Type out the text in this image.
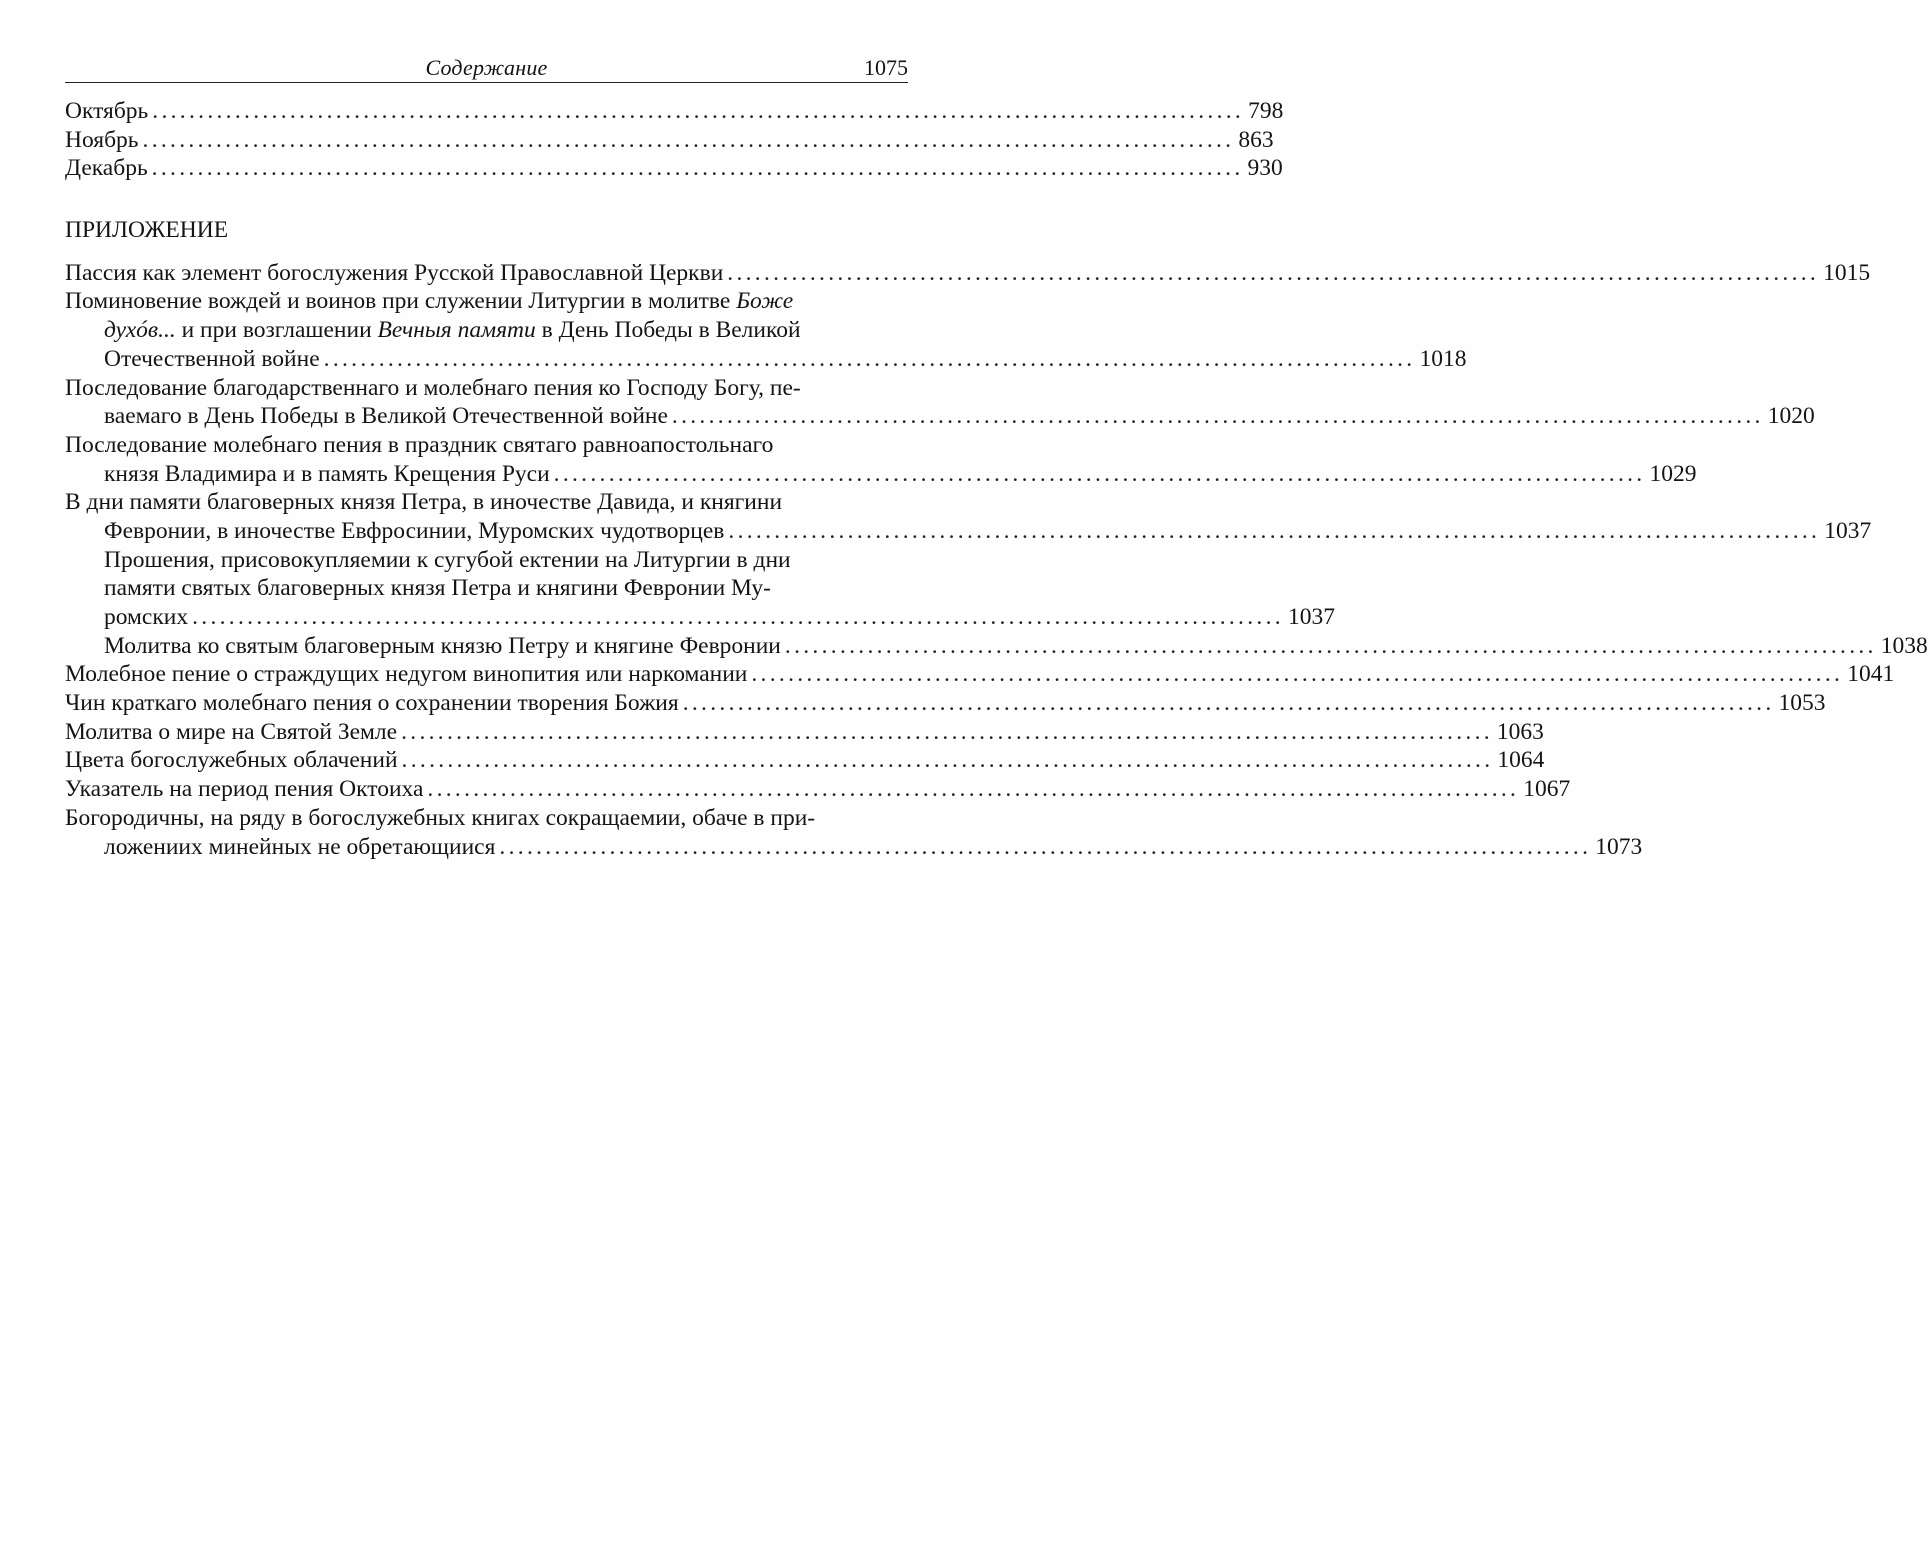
Содержание	1075
Октябрь ....................................................................................................................... 798
Ноябрь ....................................................................................................................... 863
Декабрь ....................................................................................................................... 930
ПРИЛОЖЕНИЕ
Пассия как элемент богослужения Русской Православной Церкви ....................................................................................................................... 1015
Поминовение вождей и воинов при служении Литургии в молитве Боже
духóв... и при возглашении Вечныя памяти в День Победы в Великой
Отечественной войне ....................................................................................................................... 1018
Последование благодарственнаго и молебнаго пения ко Господу Богу, пе-
ваемаго в День Победы в Великой Отечественной войне ....................................................................................................................... 1020
Последование молебнаго пения в праздник святаго равноапостольнаго
князя Владимира и в память Крещения Руси ....................................................................................................................... 1029
В дни памяти благоверных князя Петра, в иночестве Давида, и княгини
Февронии, в иночестве Евфросинии, Муромских чудотворцев ....................................................................................................................... 1037
Прошения, присовокупляемии к сугубой ектении на Литургии в дни
памяти святых благоверных князя Петра и княгини Февронии Му-
ромских ....................................................................................................................... 1037
Молитва ко святым благоверным князю Петру и княгине Февронии ....................................................................................................................... 1038
Молебное пение о страждущих недугом винопития или наркомании ....................................................................................................................... 1041
Чин краткаго молебнаго пения о сохранении творения Божия ....................................................................................................................... 1053
Молитва о мире на Святой Земле ....................................................................................................................... 1063
Цвета богослужебных облачений ....................................................................................................................... 1064
Указатель на период пения Октоиха ....................................................................................................................... 1067
Богородичны, на ряду в богослужебных книгах сокращаемии, обаче в при-
ложениих минейных не обретающиися ....................................................................................................................... 1073
